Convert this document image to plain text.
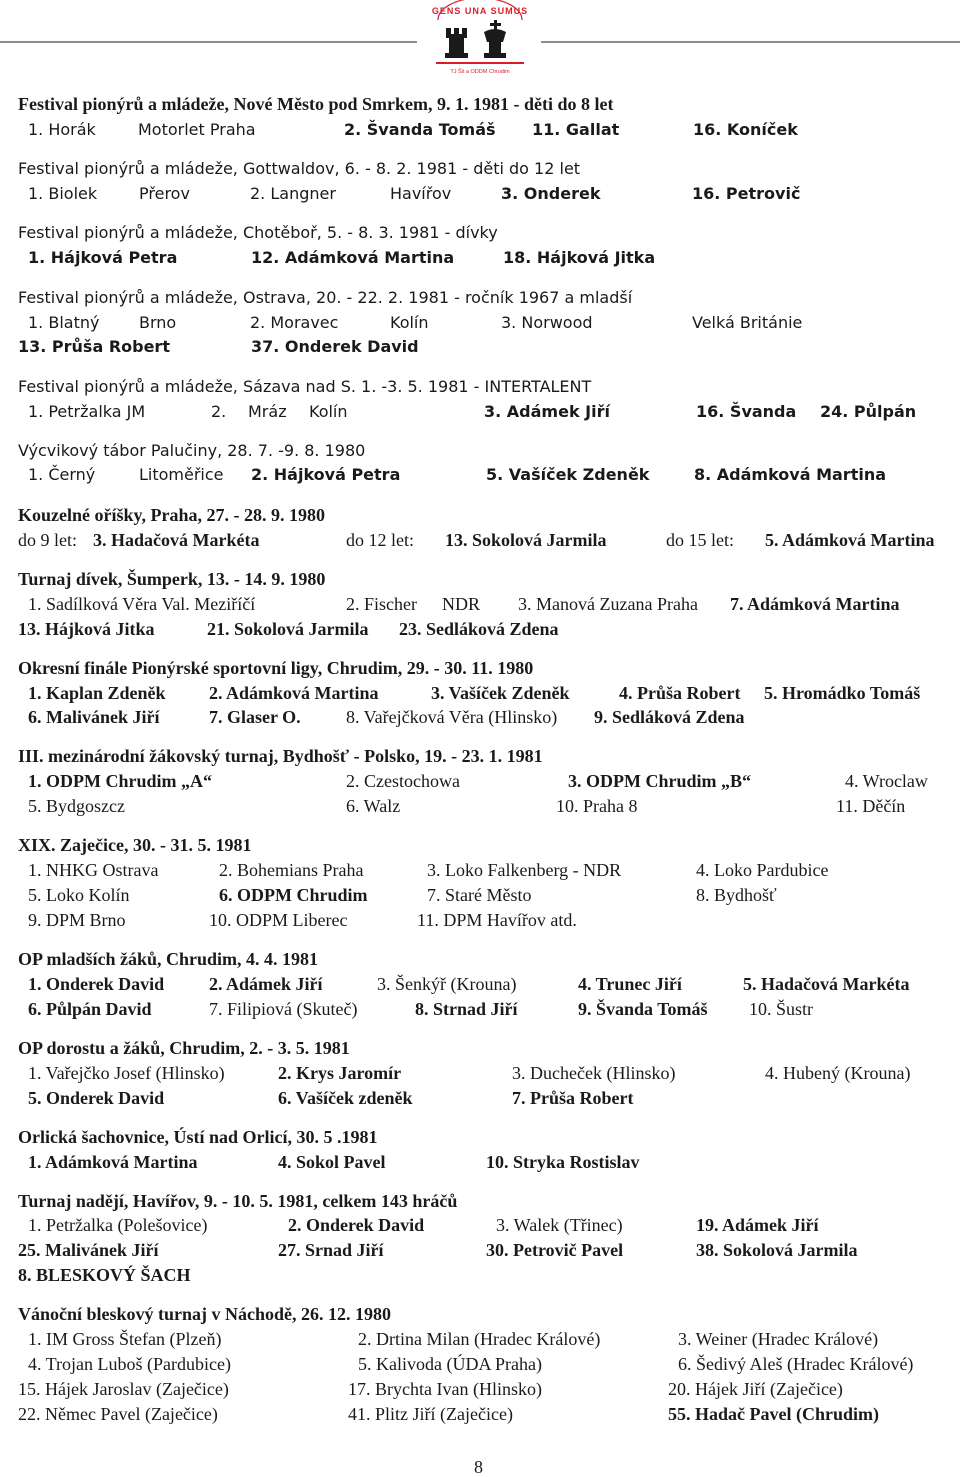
GENS UNA SUMUS
TJ Šš a ODDM Chrudim
Festival pionýrů a mládeže, Nové Město pod Smrkem, 9. 1. 1981 - děti do 8 let
1. Horák	Motorlet Praha	2. Švanda Tomáš 11. Gallat	16. Koníček
Festival pionýrů a mládeže, Gottwaldov, 6. - 8. 2. 1981 - děti do 12 let
1. Biolek	Přerov	2. Langner	Havířov	3. Onderek	16. Petrovič
Festival pionýrů a mládeže, Chotěboř, 5. - 8. 3. 1981 - dívky
1. Hájková Petra	12. Adámková Martina	18. Hájková Jitka
Festival pionýrů a mládeže, Ostrava, 20. - 22. 2. 1981 - ročník 1967 a mladší
1. Blatný Brno	2. Moravec	Kolín	3. Norwood	Velká Británie
13. Průša Robert	37. Onderek David
Festival pionýrů a mládeže, Sázava nad S. 1. -3. 5. 1981 - INTERTALENT
1. Petržalka JM	2. Mráz Kolín	3. Adámek Jiří	16. Švanda 24. Půlpán
Výcvikový tábor Palučiny, 28. 7. -9. 8. 1980
1. Černý	Litoměřice 2. Hájková Petra	5. Vašíček Zdeněk	8. Adámková Martina
Kouzelné oříšky, Praha, 27. - 28. 9. 1980
do 9 let: 3. Hadačová Markéta	do 12 let: 13. Sokolová Jarmila	do 15 let: 5. Adámková Martina
Turnaj dívek, Šumperk, 13. - 14. 9. 1980
1. Sadílková Věra Val. Meziříčí	2. Fischer NDR 3. Manová Zuzana Praha 7. Adámková Martina
13. Hájková Jitka	21. Sokolová Jarmila 23. Sedláková Zdena
Okresní finále Pionýrské sportovní ligy, Chrudim, 29. - 30. 11. 1980
1. Kaplan Zdeněk 2. Adámková Martina	3. Vašíček Zdeněk	4. Průša Robert 5. Hromádko Tomáš
6. Malivánek Jiří	7. Glaser O.	8. Vařejčková Věra (Hlinsko) 9. Sedláková Zdena
III. mezinárodní žákovský turnaj, Bydhošť - Polsko, 19. - 23. 1. 1981
1. ODPM Chrudim „A“	2. Czestochowa	3. ODPM Chrudim „B“	4. Wroclaw
5. Bydgoszcz	6. Walz	10. Praha 8	11. Děčín
XIX. Zaječice, 30. - 31. 5. 1981
1. NHKG Ostrava	2. Bohemians Praha	3. Loko Falkenberg - NDR	4. Loko Pardubice
5. Loko Kolín	6. ODPM Chrudim	7. Staré Město	8. Bydhošť
9. DPM Brno	10. ODPM Liberec	11. DPM Havířov atd.
OP mladších žáků, Chrudim, 4. 4. 1981
1. Onderek David 2. Adámek Jiří	3. Šenkýř (Krouna)	4. Trunec Jiří	5. Hadačová Markéta
6. Půlpán David	7. Filipiová (Skuteč)	8. Strnad Jiří	9. Švanda Tomáš 10. Šustr
OP dorostu a žáků, Chrudim, 2. - 3. 5. 1981
1. Vařejčko Josef (Hlinsko)	2. Krys Jaromír	3. Ducheček (Hlinsko)	4. Hubený (Krouna)
5. Onderek David	6. Vašíček zdeněk	7. Průša Robert
Orlická šachovnice, Ústí nad Orlicí, 30. 5 .1981
1. Adámková Martina	4. Sokol Pavel	10. Stryka Rostislav
Turnaj nadějí, Havířov, 9. - 10. 5. 1981, celkem 143 hráčů
1. Petržalka (Polešovice)	2. Onderek David	3. Walek (Třinec)	19. Adámek Jiří
25. Malivánek Jiří	27. Srnad Jiří	30. Petrovič Pavel	38. Sokolová Jarmila
8. BLESKOVÝ ŠACH
Vánoční bleskový turnaj v Náchodě, 26. 12. 1980
1. IM Gross Štefan (Plzeň)	2. Drtina Milan (Hradec Králové)	3. Weiner (Hradec Králové)
4. Trojan Luboš (Pardubice)	5. Kalivoda (ÚDA Praha)	6. Šedivý Aleš (Hradec Králové)
15. Hájek Jaroslav (Zaječice)	17. Brychta Ivan (Hlinsko)	20. Hájek Jiří (Zaječice)
22. Němec Pavel (Zaječice)	41. Plitz Jiří (Zaječice)	55. Hadač Pavel (Chrudim)
8
